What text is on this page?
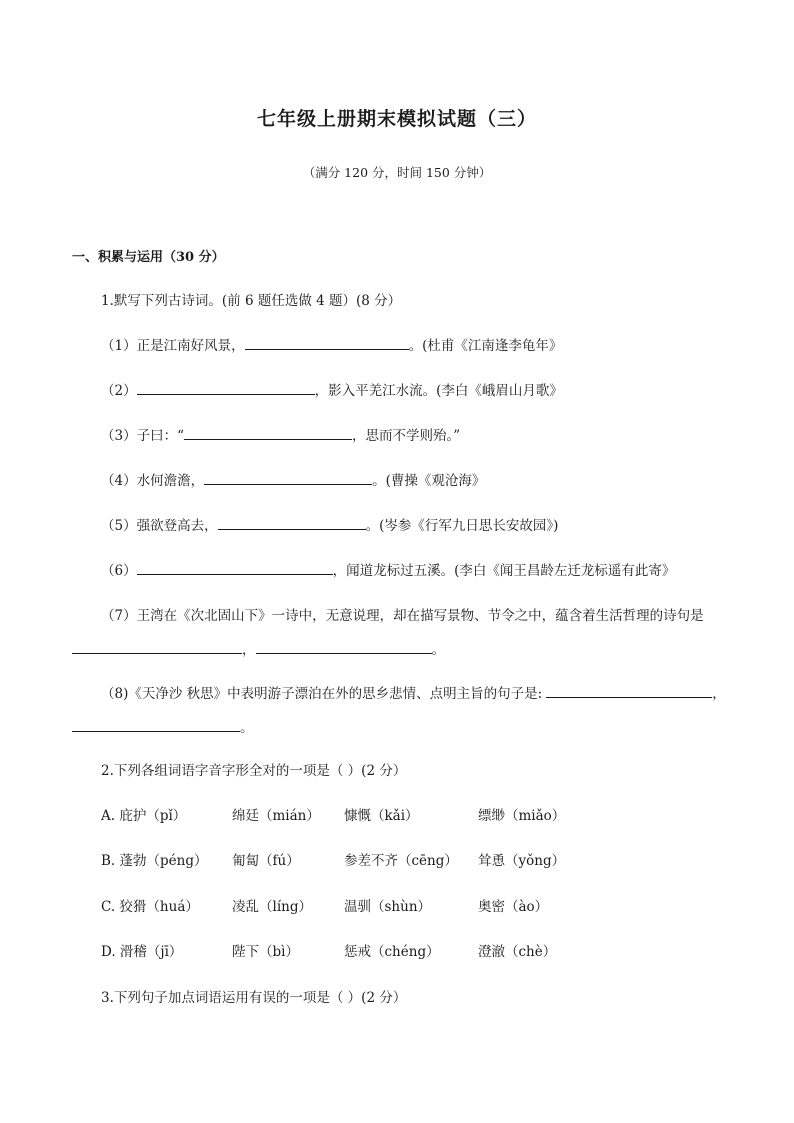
七年级上册期末模拟试题（三）
（满分 120 分，时间 150 分钟）
一、积累与运用（30 分）
1.默写下列古诗词。(前 6 题任选做 4 题）(8 分）
（1）正是江南好风景，	。(杜甫《江南逢李龟年》
（2）	，影入平羌江水流。(李白《峨眉山月歌》
（3）子曰：“	，思而不学则殆。”
（4）水何澹澹，	。(曹操《观沧海》
（5）强欲登高去，	。(岑参《行军九日思长安故园》)
（6）	，闻道龙标过五溪。(李白《闻王昌龄左迁龙标遥有此寄》
（7）王湾在《次北固山下》一诗中，无意说理，却在描写景物、节令之中，蕴含着生活哲理的诗句是
，	。
（8)《天净沙 秋思》中表明游子漂泊在外的思乡悲情、点明主旨的句子是:	，
。
2.下列各组词语字音字形全对的一项是（ ）(2 分）
A. 庇护（pǐ）	绵廷（mián） 慷慨（kǎi）	缥缈（miǎo）
B. 蓬勃（péng） 匍匐（fú）	参差不齐（cēng） 耸恿（yǒng）
C. 狡猾（huá） 凌乱（líng） 温驯（shùn）	奥密（ào）
D. 滑稽（jī）	陛下（bì）	惩戒（chéng）	澄澈（chè）
3.下列句子加点词语运用有误的一项是（ ）(2 分）
